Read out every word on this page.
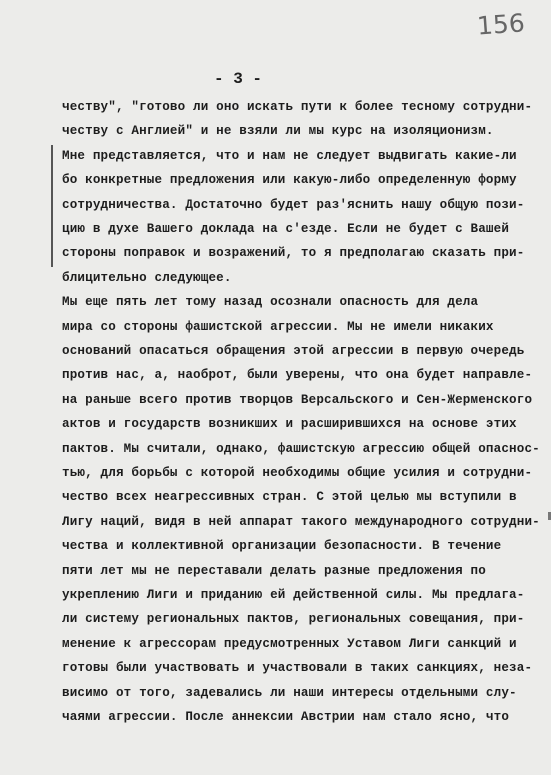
156
- 3 -
честву", "готово ли оно искать пути к более тесному сотрудни-
честву с Англией" и не взяли ли мы курс на изоляционизм.
Мне представляется, что и нам не следует выдвигать какие-ли
бо конкретные предложения или какую-либо определенную форму
сотрудничества. Достаточно будет раз'яснить нашу общую пози-
цию в духе Вашего доклада на с'езде. Если не будет с Вашей
стороны поправок и возражений, то я предполагаю сказать при-
блицительно следующее.
Мы еще пять лет тому назад осознали опасность для дела
мира со стороны фашистской агрессии. Мы не имели никаких
оснований опасаться обращения этой агрессии в первую очередь
против нас, а, наоброт, были уверены, что она будет направле-
на раньше всего против творцов Версальского и Сен-Жерменского
актов и государств возникших и расширившихся на основе этих
пактов. Мы считали, однако, фашистскую агрессию общей опаснос-
тью, для борьбы с которой необходимы общие усилия и сотрудни-
чество всех неагрессивных стран. С этой целью мы вступили в
Лигу наций, видя в ней аппарат такого международного сотрудни-
чества и коллективной организации безопасности. В течение
пяти лет мы не переставали делать разные предложения по
укреплению Лиги и приданию ей действенной силы. Мы предлага-
ли систему региональных пактов, региональных совещания, при-
менение к агрессорам предусмотренных Уставом Лиги санкций и
готовы были участвовать и участвовали в таких санкциях, неза-
висимо от того, задевались ли наши интересы отдельными слу-
чаями агрессии. После аннексии Австрии нам стало ясно, что
